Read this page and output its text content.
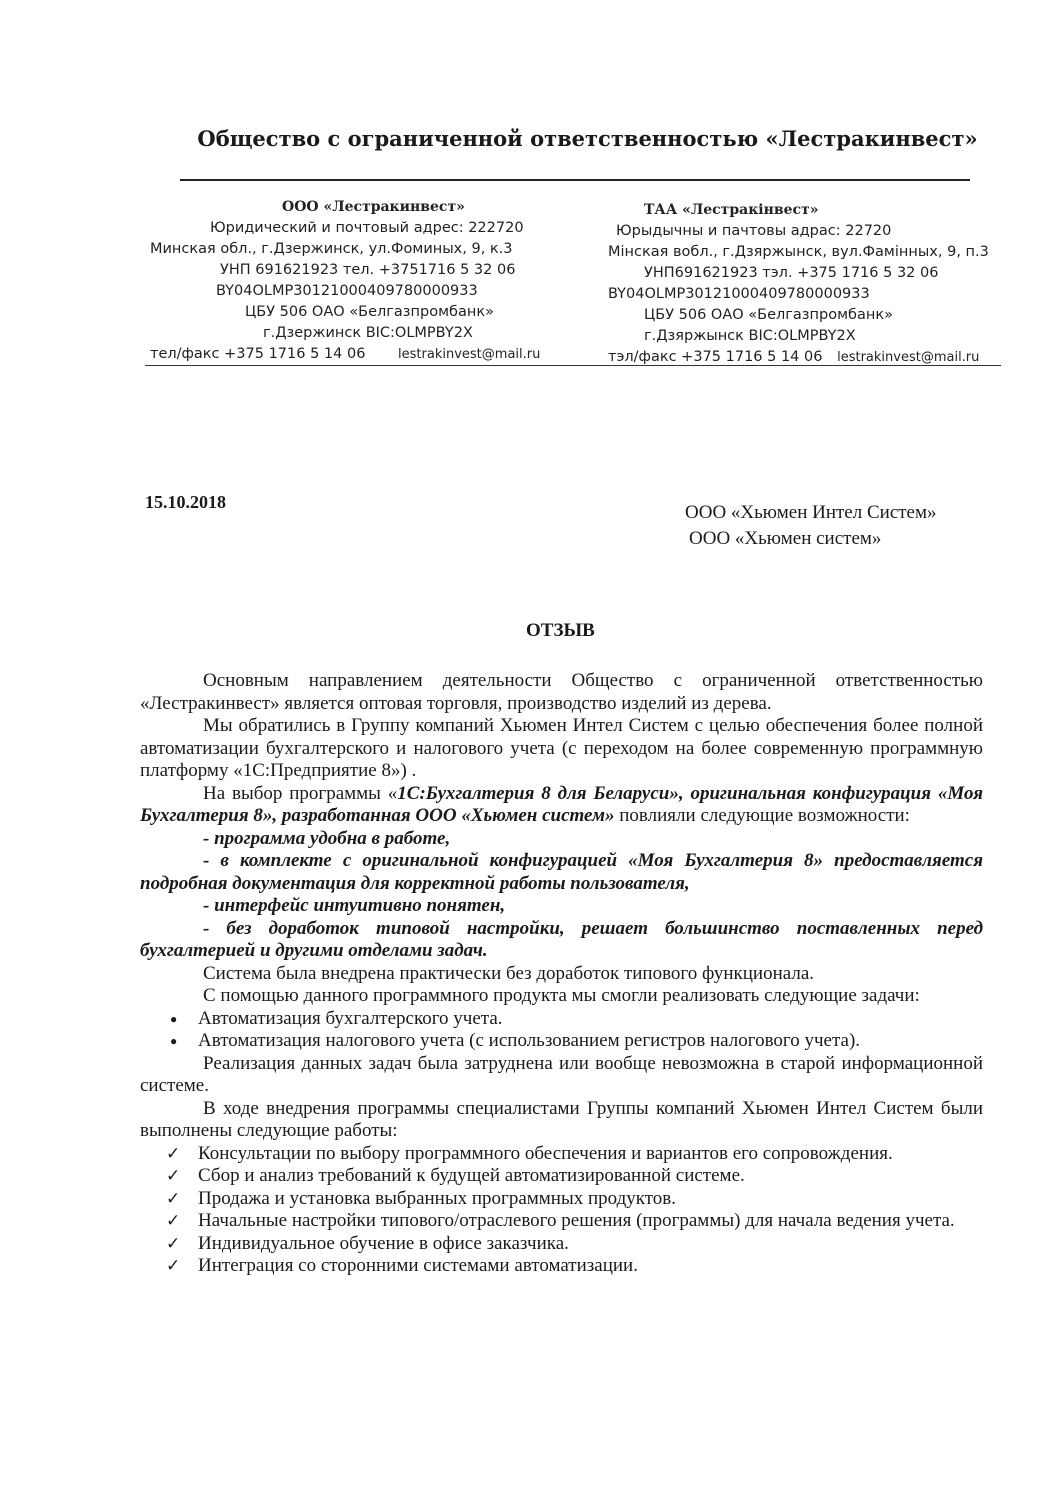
Общество с ограниченной ответственностью «Лестракинвест»
ООО «Лестракинвест»
Юридический и почтовый адрес: 222720
Минская обл., г.Дзержинск, ул.Фоминых, 9, к.3
УНП 691621923 тел. +3751716 5 32 06
BY04OLMP30121000409780000933
ЦБУ 506 ОАО «Белгазпромбанк»
г.Дзержинск BIC:OLMPBY2X
тел/факс +375 1716 5 14 06	lestrakinvest@mail.ru
ТАА «Лестракінвест»
Юрыдычны и пачтовы адрас: 22720
Мінская вобл., г.Дзяржынск, вул.Фамінных, 9, п.3
УНП691621923 тэл. +375 1716 5 32 06
BY04OLMP30121000409780000933
ЦБУ 506 ОАО «Белгазпромбанк»
г.Дзяржынск BIC:OLMPBY2X
тэл/факс +375 1716 5 14 06 lestrakinvest@mail.ru
15.10.2018	ООО «Хьюмен Интел Систем»
ООО «Хьюмен систем»
ОТЗЫВ

Основным направлением деятельности Общество с ограниченной ответственностью «Лестракинвест» является оптовая торговля, производство изделий из дерева.

Мы обратились в Группу компаний Хьюмен Интел Систем с целью обеспечения более полной автоматизации бухгалтерского и налогового учета (с переходом на более современную программную платформу «1С:Предприятие 8») .

На выбор программы «1С:Бухгалтерия 8 для Беларуси», оригинальная конфигурация «Моя Бухгалтерия 8», разработанная ООО «Хьюмен систем» повлияли следующие возможности:

- программа удобна в работе,

- в комплекте с оригинальной конфигурацией «Моя Бухгалтерия 8» предоставляется подробная документация для корректной работы пользователя,

- интерфейс интуитивно понятен,

- без доработок типовой настройки, решает большинство поставленных перед бухгалтерией и другими отделами задач.

Система была внедрена практически без доработок типового функционала.

С помощью данного программного продукта мы смогли реализовать следующие задачи:

● Автоматизация бухгалтерского учета.
● Автоматизация налогового учета (с использованием регистров налогового учета).

Реализация данных задач была затруднена или вообще невозможна в старой информационной системе.

В ходе внедрения программы специалистами Группы компаний Хьюмен Интел Систем были выполнены следующие работы:

✓ Консультации по выбору программного обеспечения и вариантов его сопровождения.
✓ Сбор и анализ требований к будущей автоматизированной системе.
✓ Продажа и установка выбранных программных продуктов.
✓ Начальные настройки типового/отраслевого решения (программы) для начала ведения учета.
✓ Индивидуальное обучение в офисе заказчика.
✓ Интеграция со сторонними системами автоматизации.
